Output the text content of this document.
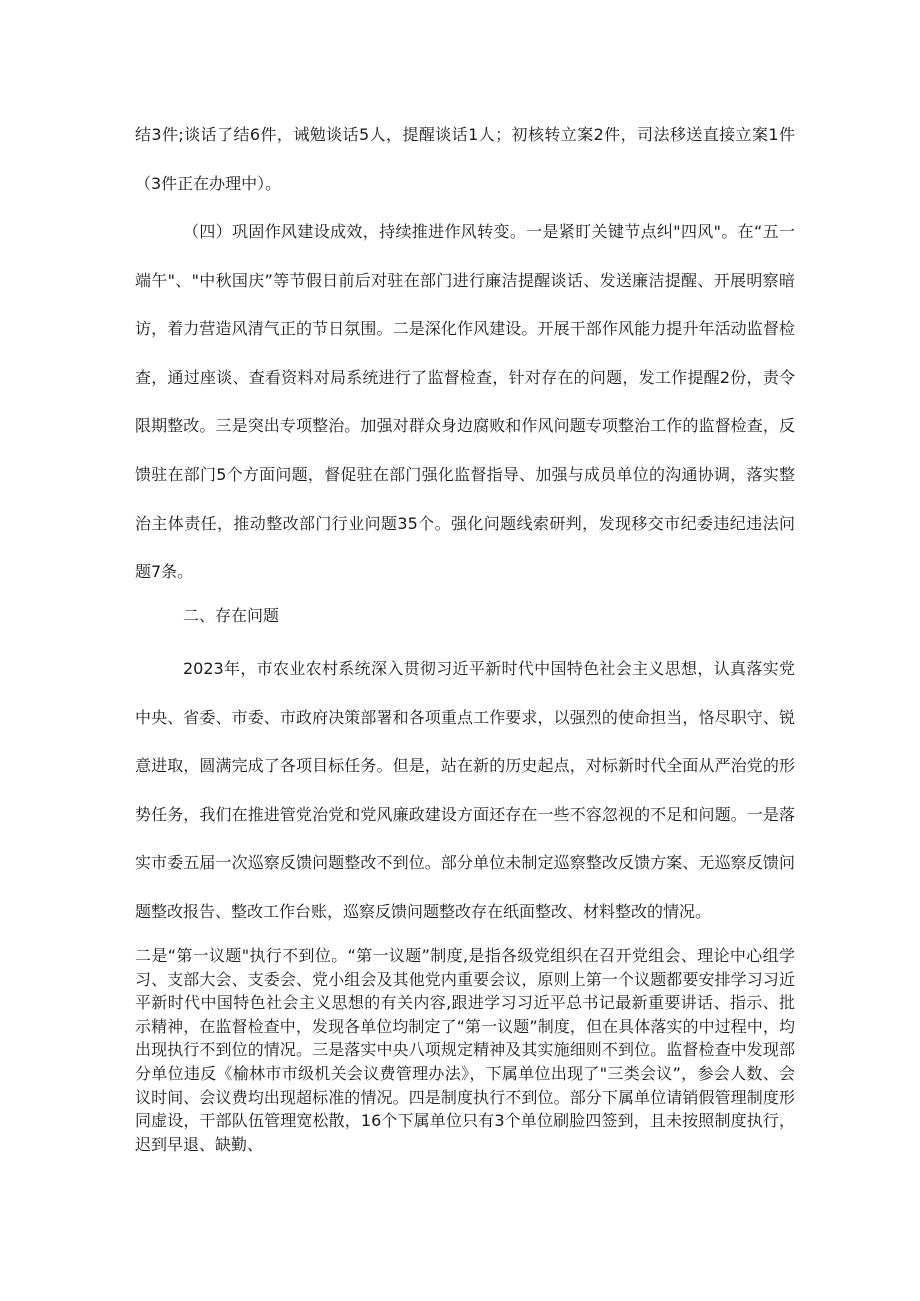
结3件;谈话了结6件，诫勉谈话5人，提醒谈话1人；初核转立案2件，司法移送直接立案1件（3件正在办理中）。

（四）巩固作风建设成效，持续推进作风转变。一是紧盯关键节点纠"四风"。在“五一端午"、"中秋国庆”等节假日前后对驻在部门进行廉洁提醒谈话、发送廉洁提醒、开展明察暗访，着力营造风清气正的节日氛围。二是深化作风建设。开展干部作风能力提升年活动监督检查，通过座谈、查看资料对局系统进行了监督检查，针对存在的问题，发工作提醒2份，责令限期整改。三是突出专项整治。加强对群众身边腐败和作风问题专项整治工作的监督检查，反馈驻在部门5个方面问题，督促驻在部门强化监督指导、加强与成员单位的沟通协调，落实整治主体责任，推动整改部门行业问题35个。强化问题线索研判，发现移交市纪委违纪违法问题7条。

二、存在问题

2023年，市农业农村系统深入贯彻习近平新时代中国特色社会主义思想，认真落实党中央、省委、市委、市政府决策部署和各项重点工作要求，以强烈的使命担当，恪尽职守、锐意进取，圆满完成了各项目标任务。但是，站在新的历史起点，对标新时代全面从严治党的形势任务，我们在推进管党治党和党风廉政建设方面还存在一些不容忽视的不足和问题。一是落实市委五届一次巡察反馈问题整改不到位。部分单位未制定巡察整改反馈方案、无巡察反馈问题整改报告、整改工作台账，巡察反馈问题整改存在纸面整改、材料整改的情况。

二是“第一议题"执行不到位。“第一议题”制度,是指各级党组织在召开党组会、理论中心组学习、支部大会、支委会、党小组会及其他党内重要会议，原则上第一个议题都要安排学习习近平新时代中国特色社会主义思想的有关内容,跟进学习习近平总书记最新重要讲话、指示、批示精神，在监督检查中，发现各单位均制定了“第一议题”制度，但在具体落实的中过程中，均出现执行不到位的情况。三是落实中央八项规定精神及其实施细则不到位。监督检查中发现部分单位违反《榆林市市级机关会议费管理办法》，下属单位出现了"三类会议”，参会人数、会议时间、会议费均出现超标准的情况。四是制度执行不到位。部分下属单位请销假管理制度形同虚设，干部队伍管理宽松散，16个下属单位只有3个单位刷脸四签到，且未按照制度执行，迟到早退、缺勤、
